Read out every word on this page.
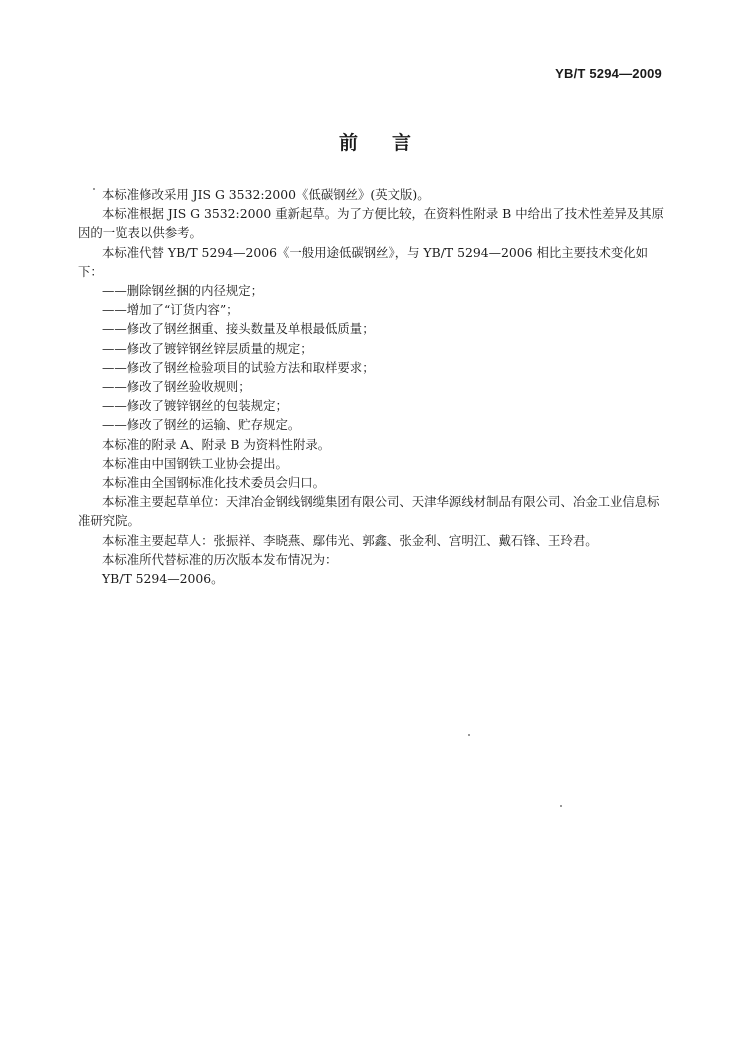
YB/T 5294—2009
前言

本标准修改采用 JIS G 3532:2000《低碳钢丝》(英文版)。

本标准根据 JIS G 3532:2000 重新起草。为了方便比较，在资料性附录 B 中给出了技术性差异及其原因的一览表以供参考。

本标准代替 YB/T 5294—2006《一般用途低碳钢丝》，与 YB/T 5294—2006 相比主要技术变化如下：

——删除钢丝捆的内径规定；

——增加了“订货内容”；

——修改了钢丝捆重、接头数量及单根最低质量；

——修改了镀锌钢丝锌层质量的规定；

——修改了钢丝检验项目的试验方法和取样要求；

——修改了钢丝验收规则；

——修改了镀锌钢丝的包装规定；

——修改了钢丝的运输、贮存规定。

本标准的附录 A、附录 B 为资料性附录。

本标准由中国钢铁工业协会提出。

本标准由全国钢标准化技术委员会归口。

本标准主要起草单位：天津冶金钢线钢缆集团有限公司、天津华源线材制品有限公司、冶金工业信息标准研究院。

本标准主要起草人：张振祥、李晓燕、鄢伟光、郭鑫、张金利、宫明江、戴石锋、王玲君。

本标准所代替标准的历次版本发布情况为：

YB/T 5294—2006。
